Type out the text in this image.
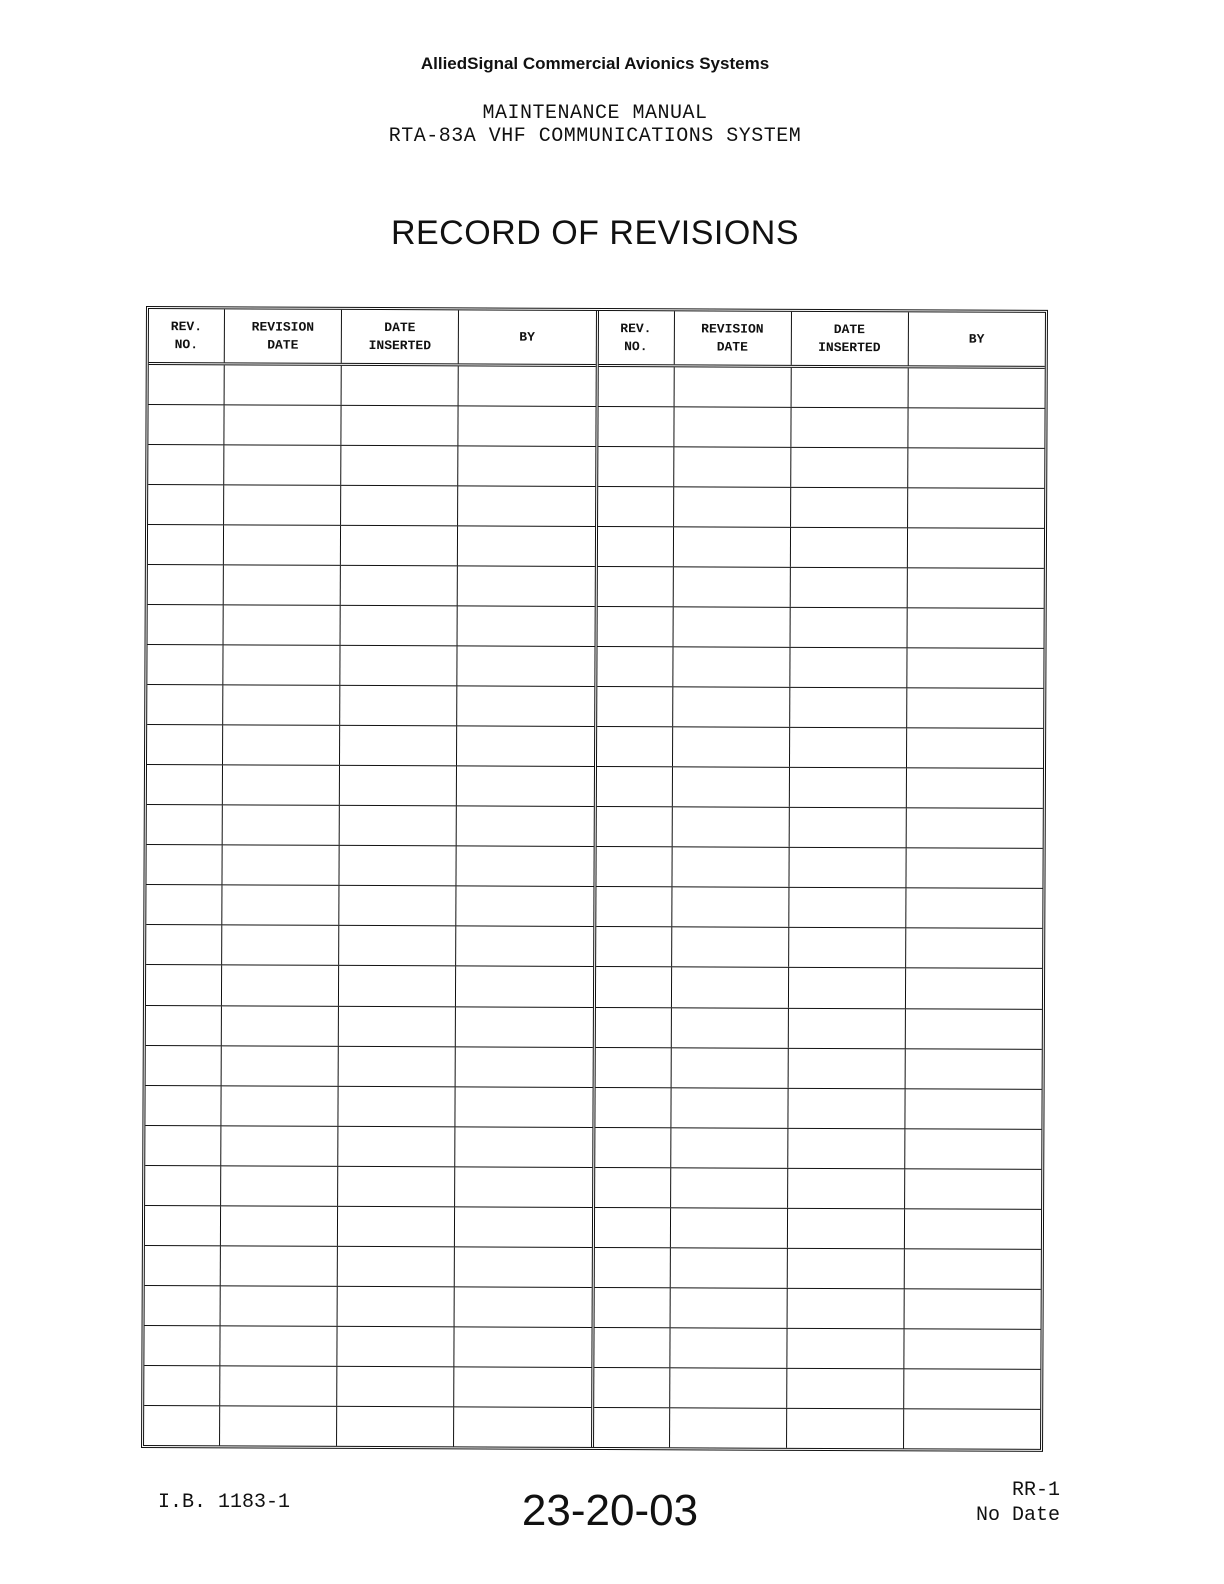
AlliedSignal Commercial Avionics Systems
MAINTENANCE MANUAL
RTA-83A VHF COMMUNICATIONS SYSTEM
RECORD OF REVISIONS
REV.
NO.
REVISION
DATE
DATE
INSERTED
BY
REV.
NO.
REVISION
DATE
DATE
INSERTED
BY
I.B. 1183-1	23-20-03	RR-1
No Date
